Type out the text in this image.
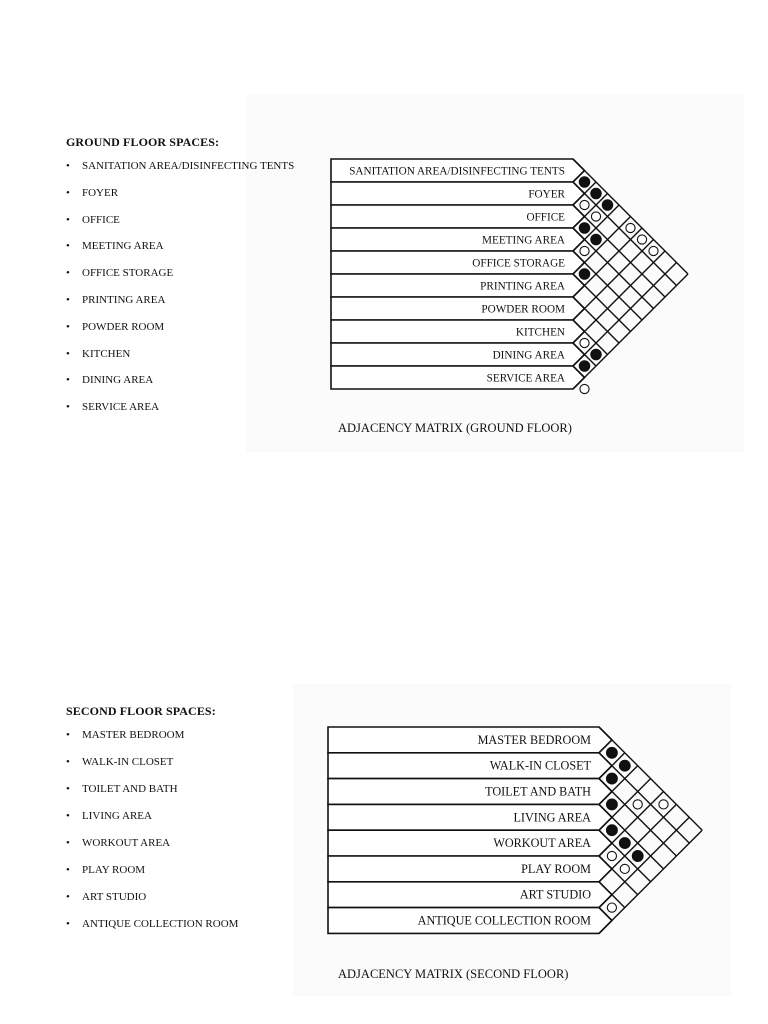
GROUND FLOOR SPACES:
• SANITATION AREA/DISINFECTING TENTS
• FOYER
• OFFICE
• MEETING AREA
• OFFICE STORAGE
• PRINTING AREA
• POWDER ROOM
• KITCHEN
• DINING AREA
• SERVICE AREA
SANITATION AREA/DISINFECTING TENTS
FOYER
OFFICE
MEETING AREA
OFFICE STORAGE
PRINTING AREA
POWDER ROOM
KITCHEN
DINING AREA
SERVICE AREA

ADJACENCY MATRIX (GROUND FLOOR)

SECOND FLOOR SPACES:
• MASTER BEDROOM
• WALK-IN CLOSET
• TOILET AND BATH
• LIVING AREA
• WORKOUT AREA
• PLAY ROOM
• ART STUDIO
• ANTIQUE COLLECTION ROOM
MASTER BEDROOM
WALK-IN CLOSET
TOILET AND BATH
LIVING AREA
WORKOUT AREA
PLAY ROOM
ART STUDIO
ANTIQUE COLLECTION ROOM

ADJACENCY MATRIX (SECOND FLOOR)
